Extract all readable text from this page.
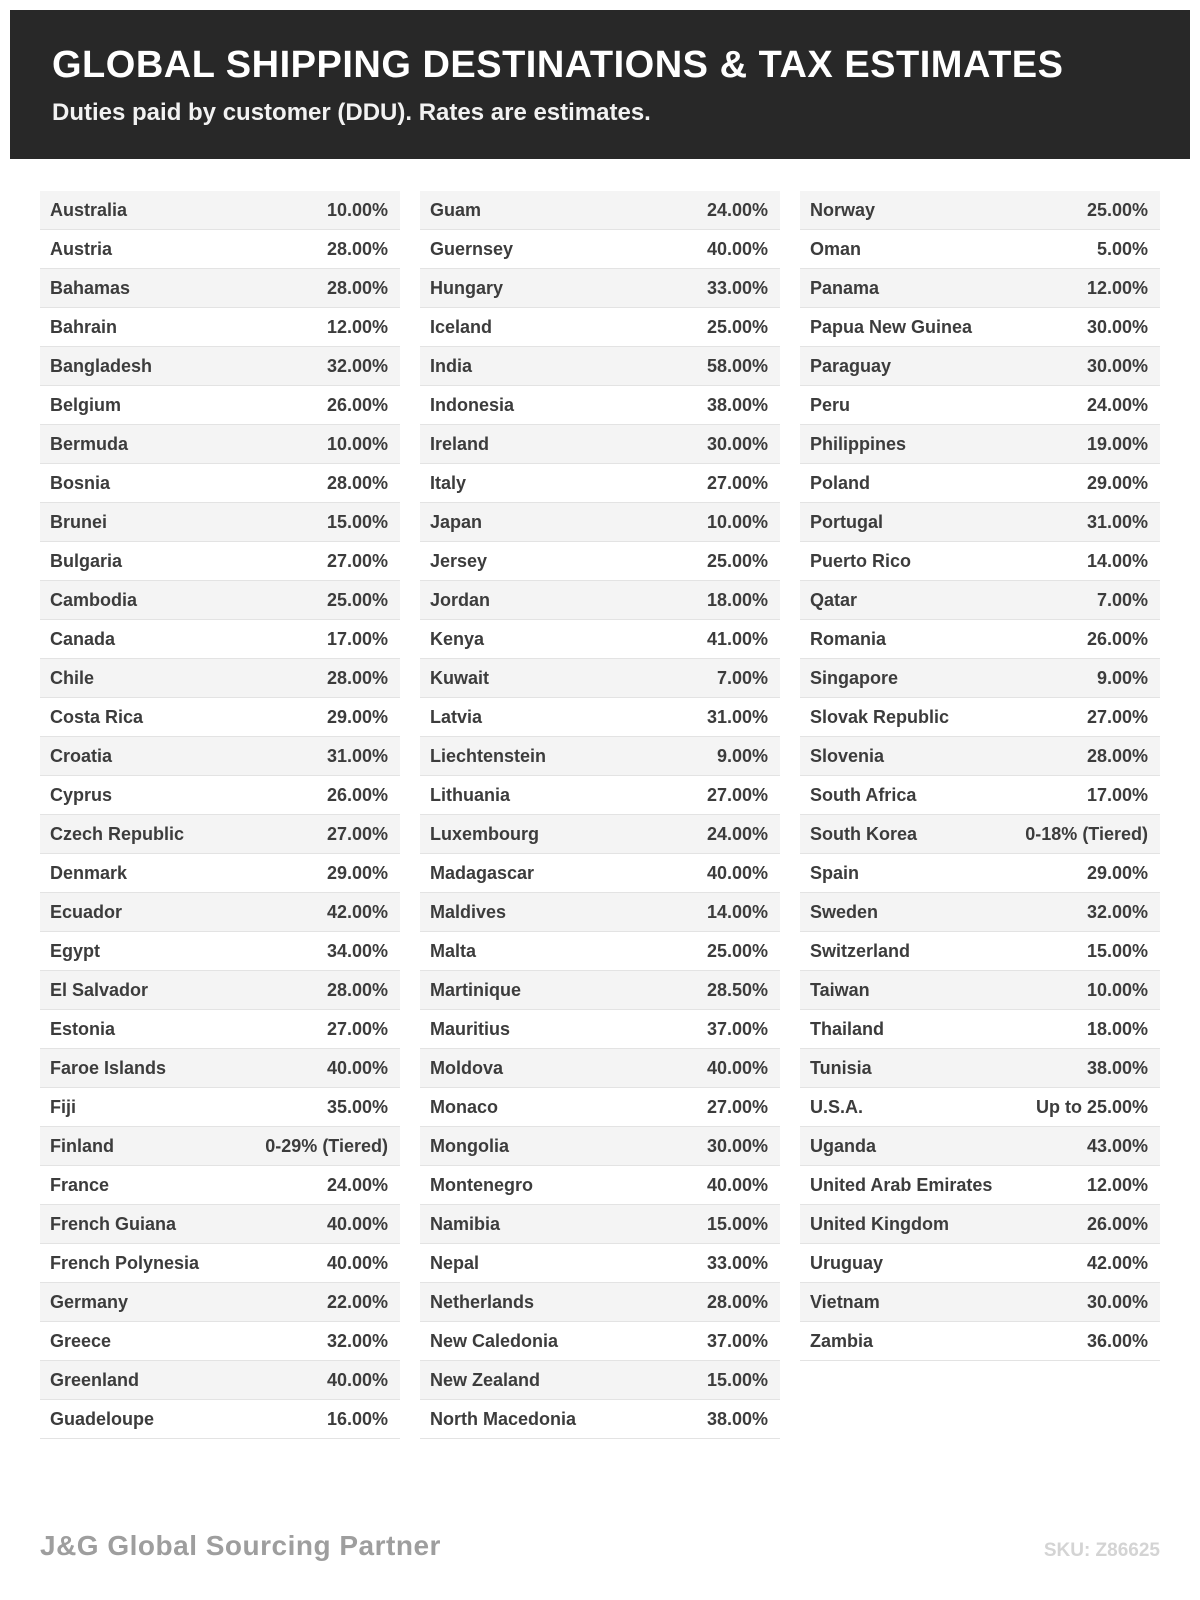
GLOBAL SHIPPING DESTINATIONS & TAX ESTIMATES

Duties paid by customer (DDU). Rates are estimates.

Australia	10.00%
Austria	28.00%
Bahamas	28.00%
Bahrain	12.00%
Bangladesh	32.00%
Belgium	26.00%
Bermuda	10.00%
Bosnia	28.00%
Brunei	15.00%
Bulgaria	27.00%
Cambodia	25.00%
Canada	17.00%
Chile	28.00%
Costa Rica	29.00%
Croatia	31.00%
Cyprus	26.00%
Czech Republic	27.00%
Denmark	29.00%
Ecuador	42.00%
Egypt	34.00%
El Salvador	28.00%
Estonia	27.00%
Faroe Islands	40.00%
Fiji	35.00%
Finland	0-29% (Tiered)
France	24.00%
French Guiana	40.00%
French Polynesia	40.00%
Germany	22.00%
Greece	32.00%
Greenland	40.00%
Guadeloupe	16.00%
Guam	24.00%
Guernsey	40.00%
Hungary	33.00%
Iceland	25.00%
India	58.00%
Indonesia	38.00%
Ireland	30.00%
Italy	27.00%
Japan	10.00%
Jersey	25.00%
Jordan	18.00%
Kenya	41.00%
Kuwait	7.00%
Latvia	31.00%
Liechtenstein	9.00%
Lithuania	27.00%
Luxembourg	24.00%
Madagascar	40.00%
Maldives	14.00%
Malta	25.00%
Martinique	28.50%
Mauritius	37.00%
Moldova	40.00%
Monaco	27.00%
Mongolia	30.00%
Montenegro	40.00%
Namibia	15.00%
Nepal	33.00%
Netherlands	28.00%
New Caledonia	37.00%
New Zealand	15.00%
North Macedonia	38.00%
Norway	25.00%
Oman	5.00%
Panama	12.00%
Papua New Guinea	30.00%
Paraguay	30.00%
Peru	24.00%
Philippines	19.00%
Poland	29.00%
Portugal	31.00%
Puerto Rico	14.00%
Qatar	7.00%
Romania	26.00%
Singapore	9.00%
Slovak Republic	27.00%
Slovenia	28.00%
South Africa	17.00%
South Korea	0-18% (Tiered)
Spain	29.00%
Sweden	32.00%
Switzerland	15.00%
Taiwan	10.00%
Thailand	18.00%
Tunisia	38.00%
U.S.A.	Up to 25.00%
Uganda	43.00%
United Arab Emirates	12.00%
United Kingdom	26.00%
Uruguay	42.00%
Vietnam	30.00%
Zambia	36.00%
J&G Global Sourcing Partner	SKU: Z86625
